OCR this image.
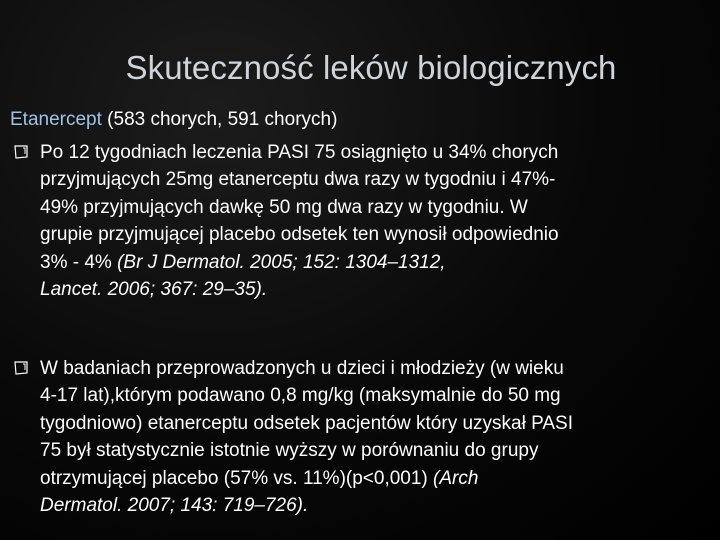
Skuteczność leków biologicznych
Etanercept (583 chorych, 591 chorych)
Po 12 tygodniach leczenia PASI 75 osiągnięto u 34% chorych
przyjmujących 25mg etanerceptu dwa razy w tygodniu i 47%-
49% przyjmujących dawkę 50 mg dwa razy w tygodniu. W
grupie przyjmującej placebo odsetek ten wynosił odpowiednio
3% - 4% (Br J Dermatol. 2005; 152: 1304–1312,
Lancet. 2006; 367: 29–35).
W badaniach przeprowadzonych u dzieci i młodzieży (w wieku
4-17 lat),którym podawano 0,8 mg/kg (maksymalnie do 50 mg
tygodniowo) etanerceptu odsetek pacjentów który uzyskał PASI
75 był statystycznie istotnie wyższy w porównaniu do grupy
otrzymującej placebo (57% vs. 11%)(p<0,001) (Arch
Dermatol. 2007; 143: 719–726).
